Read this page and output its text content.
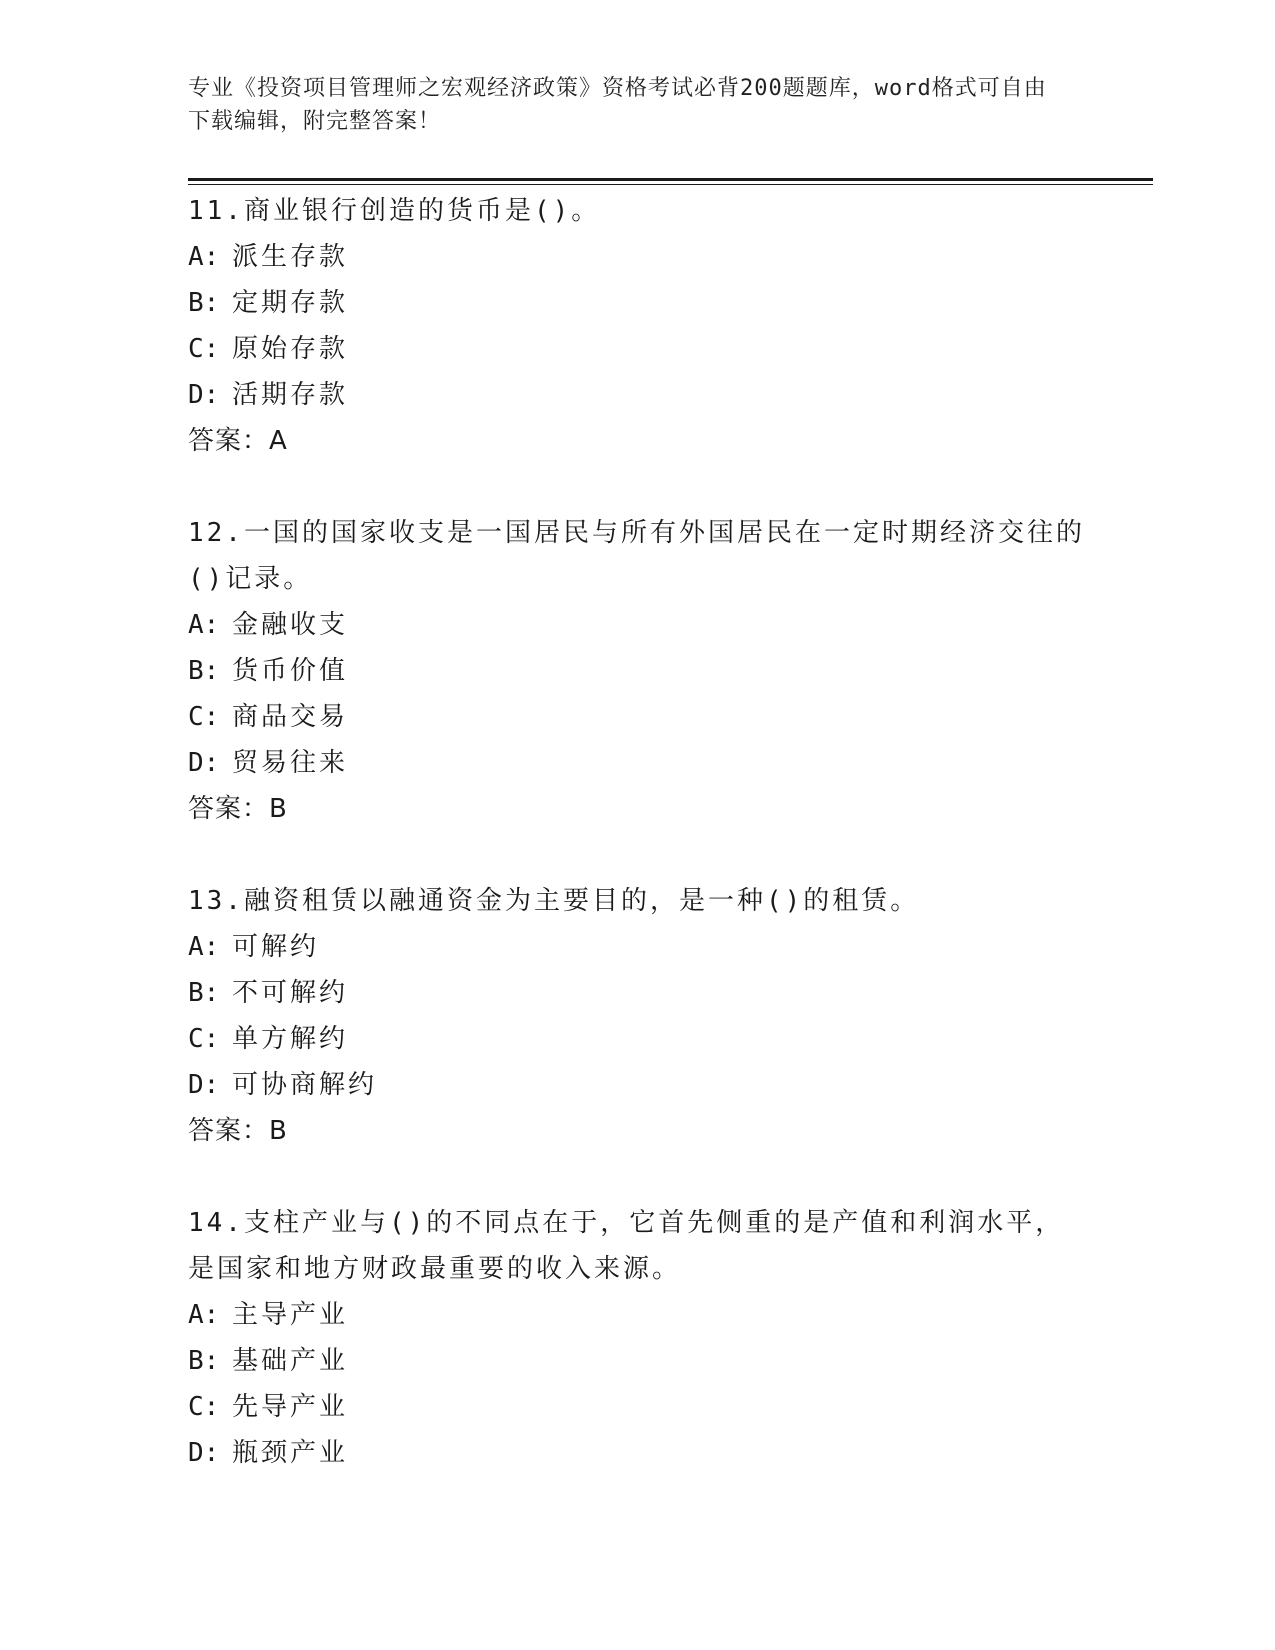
专业《投资项目管理师之宏观经济政策》资格考试必背200题题库，word格式可自由下载编辑，附完整答案！
11.商业银行创造的货币是()。
A: 派生存款
B: 定期存款
C: 原始存款
D: 活期存款
答案：A
12.一国的国家收支是一国居民与所有外国居民在一定时期经济交往的()记录。
A: 金融收支
B: 货币价值
C: 商品交易
D: 贸易往来
答案：B
13.融资租赁以融通资金为主要目的，是一种()的租赁。
A: 可解约
B: 不可解约
C: 单方解约
D: 可协商解约
答案：B
14.支柱产业与()的不同点在于，它首先侧重的是产值和利润水平，是国家和地方财政最重要的收入来源。
A: 主导产业
B: 基础产业
C: 先导产业
D: 瓶颈产业
